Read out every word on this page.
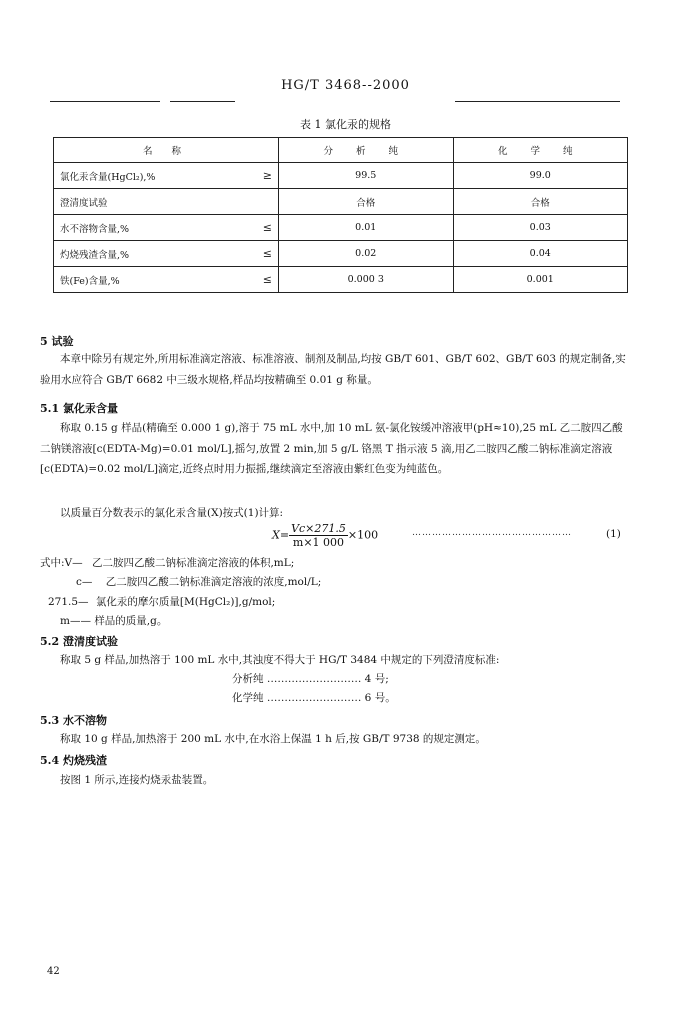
HG/T 3468--2000
表 1 氯化汞的规格
名 称		分 析 纯	化 学 纯
氯化汞含量(HgCl₂),%	≥	99.5	99.0
澄清度试验		合格	合格
水不溶物含量,%	≤	0.01	0.03
灼烧残渣含量,%	≤	0.02	0.04
铁(Fe)含量,%	≤	0.000 3	0.001
5 试验
本章中除另有规定外,所用标准滴定溶液、标准溶液、制剂及制品,均按 GB/T 601、GB/T 602、GB/T 603 的规定制备,实验用水应符合 GB/T 6682 中三级水规格,样品均按精确至 0.01 g 称量。
5.1 氯化汞含量
称取 0.15 g 样品(精确至 0.000 1 g),溶于 75 mL 水中,加 10 mL 氨-氯化铵缓冲溶液甲(pH≈10),25 mL 乙二胺四乙酸二钠镁溶液[c(EDTA-Mg)=0.01 mol/L],摇匀,放置 2 min,加 5 g/L 铬黑 T 指示液 5 滴,用乙二胺四乙酸二钠标准滴定溶液[c(EDTA)=0.02 mol/L]滴定,近终点时用力振摇,继续滴定至溶液由紫红色变为纯蓝色。
以质量百分数表示的氯化汞含量(X)按式(1)计算:
$X= \frac{Vc\times 271.5}{m\times 1 000} \times 100$	…………………………………………	(1)
式中:V— 乙二胺四乙酸二钠标准滴定溶液的体积,mL;
c— 乙二胺四乙酸二钠标准滴定溶液的浓度,mol/L;
271.5— 氯化汞的摩尔质量[M(HgCl₂)],g/mol;
m—— 样品的质量,g。
5.2 澄清度试验
称取 5 g 样品,加热溶于 100 mL 水中,其浊度不得大于 HG/T 3484 中规定的下列澄清度标准:
分析纯 ……………………… 4 号;
化学纯 ……………………… 6 号。
5.3 水不溶物
称取 10 g 样品,加热溶于 200 mL 水中,在水浴上保温 1 h 后,按 GB/T 9738 的规定测定。
5.4 灼烧残渣
按图 1 所示,连接灼烧汞盐装置。
42
